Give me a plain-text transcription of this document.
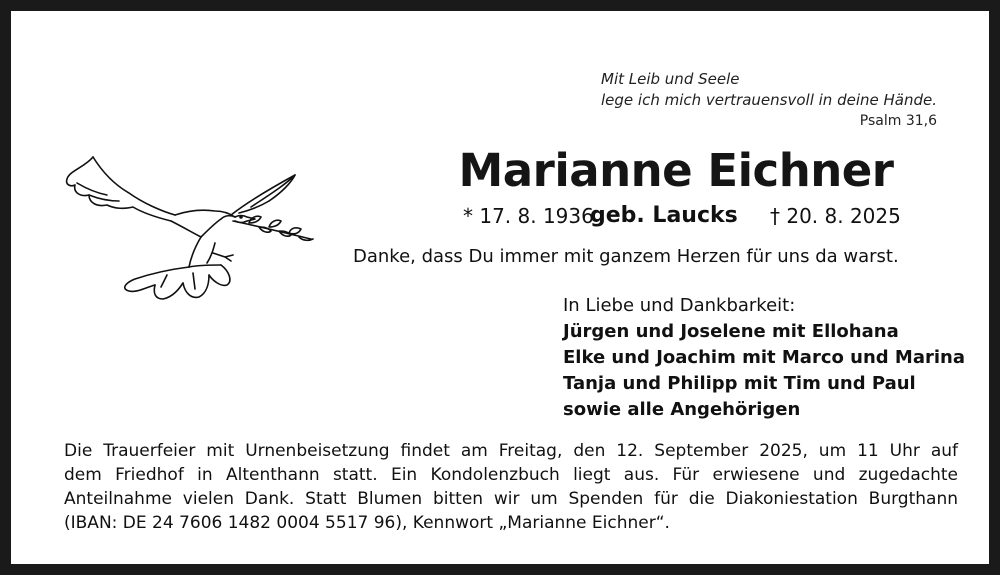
Mit Leib und Seele
lege ich mich vertrauensvoll in deine Hände.
Psalm 31,6
Marianne Eichner
* 17. 8. 1936
geb. Laucks † 20. 8. 2025
Danke, dass Du immer mit ganzem Herzen für uns da warst.
In Liebe und Dankbarkeit:
Jürgen und Joselene mit Ellohana
Elke und Joachim mit Marco und Marina
Tanja und Philipp mit Tim und Paul
sowie alle Angehörigen
Die Trauerfeier mit Urnenbeisetzung findet am Freitag, den 12. September 2025, um 11 Uhr auf
dem Friedhof in Altenthann statt. Ein Kondolenzbuch liegt aus. Für erwiesene und zugedachte
Anteilnahme vielen Dank. Statt Blumen bitten wir um Spenden für die Diakoniestation Burgthann
(IBAN: DE 24 7606 1482 0004 5517 96), Kennwort „Marianne Eichner“.
